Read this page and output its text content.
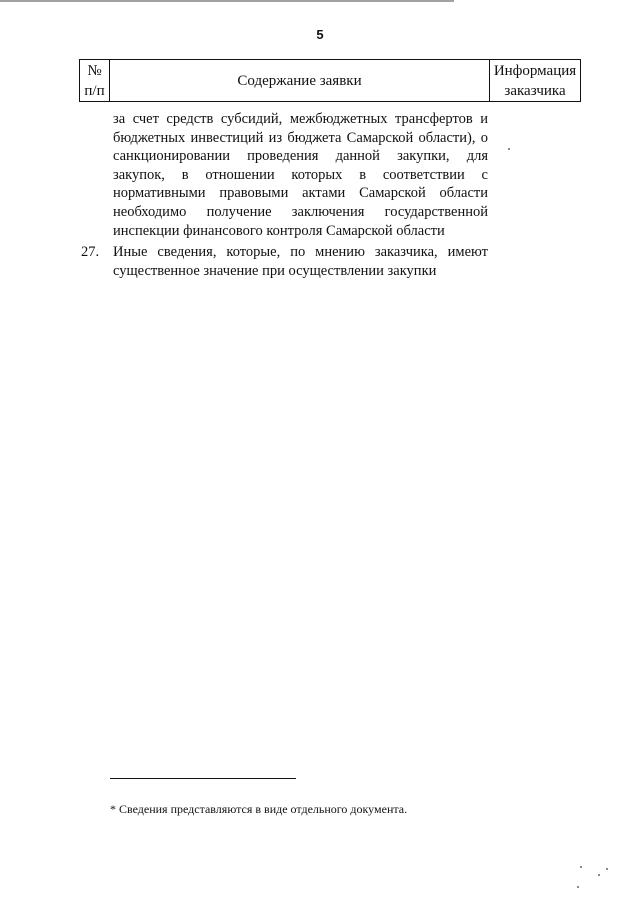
5
№
п/п
Содержание заявки
Информация
заказчика
за счет средств субсидий, межбюджетных трансфертов и бюджетных инвестиций из бюджета Самарской области), о санкционировании проведения данной закупки, для закупок, в отношении которых в соответствии с нормативными правовыми актами Самарской области необходимо получение заключения государственной инспекции финансового контроля Самарской области
27. Иные сведения, которые, по мнению заказчика, имеют существенное значение при осуществлении закупки
* Сведения представляются в виде отдельного документа.
